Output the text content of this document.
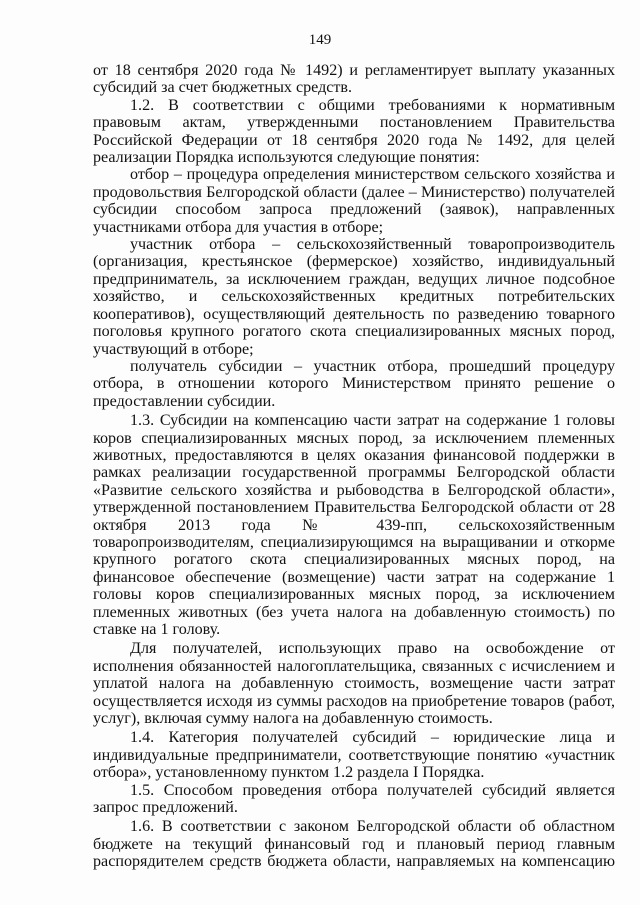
149

от 18 сентября 2020 года № 1492) и регламентирует выплату указанных субсидий за счет бюджетных средств.

1.2. В соответствии с общими требованиями к нормативным правовым актам, утвержденными постановлением Правительства Российской Федерации от 18 сентября 2020 года № 1492, для целей реализации Порядка используются следующие понятия:

отбор – процедура определения министерством сельского хозяйства и продовольствия Белгородской области (далее – Министерство) получателей субсидии способом запроса предложений (заявок), направленных участниками отбора для участия в отборе;

участник отбора – сельскохозяйственный товаропроизводитель (организация, крестьянское (фермерское) хозяйство, индивидуальный предприниматель, за исключением граждан, ведущих личное подсобное хозяйство, и сельскохозяйственных кредитных потребительских кооперативов), осуществляющий деятельность по разведению товарного поголовья крупного рогатого скота специализированных мясных пород, участвующий в отборе;

получатель субсидии – участник отбора, прошедший процедуру отбора, в отношении которого Министерством принято решение о предоставлении субсидии.

1.3. Субсидии на компенсацию части затрат на содержание 1 головы коров специализированных мясных пород, за исключением племенных животных, предоставляются в целях оказания финансовой поддержки в рамках реализации государственной программы Белгородской области «Развитие сельского хозяйства и рыбоводства в Белгородской области», утвержденной постановлением Правительства Белгородской области от 28 октября 2013 года № 439-пп, сельскохозяйственным товаропроизводителям, специализирующимся на выращивании и откорме крупного рогатого скота специализированных мясных пород, на финансовое обеспечение (возмещение) части затрат на содержание 1 головы коров специализированных мясных пород, за исключением племенных животных (без учета налога на добавленную стоимость) по ставке на 1 голову.

Для получателей, использующих право на освобождение от исполнения обязанностей налогоплательщика, связанных с исчислением и уплатой налога на добавленную стоимость, возмещение части затрат осуществляется исходя из суммы расходов на приобретение товаров (работ, услуг), включая сумму налога на добавленную стоимость.

1.4. Категория получателей субсидий – юридические лица и индивидуальные предприниматели, соответствующие понятию «участник отбора», установленному пунктом 1.2 раздела I Порядка.

1.5. Способом проведения отбора получателей субсидий является запрос предложений.

1.6. В соответствии с законом Белгородской области об областном бюджете на текущий финансовый год и плановый период главным распорядителем средств бюджета области, направляемых на компенсацию
